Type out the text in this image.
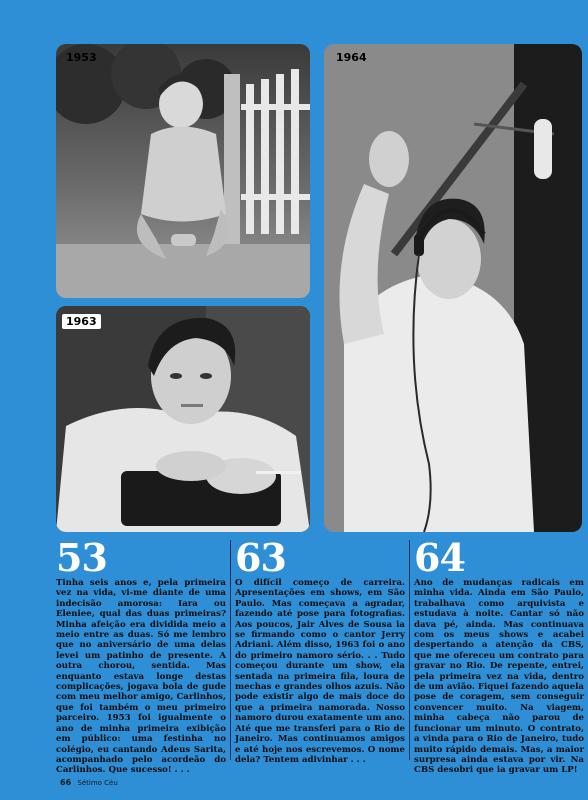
1953
1963
1964
53
Tinha seis anos e, pela primeira vez na vida, vi-me diante de uma indecisão amorosa: Iara ou Eleniee, qual das duas primeiras? Minha afeição era dividida meio a meio entre as duas. Só me lembro que no aniversário de uma delas levei um patinho de presente. A outra chorou, sentida. Mas enquanto estava longe destas complicações, jogava bola de gude com meu melhor amigo, Carlinhos, que foi também o meu primeiro parceiro. 1953 foi igualmente o ano de minha primeira exibição em público: uma festinha no colégio, eu cantando Adeus Sarita, acompanhado pelo acordeão do Carlinhos. Que sucesso! . . .
63
O difícil começo de carreira. Apresentações em shows, em São Paulo. Mas começava a agradar, fazendo até pose para fotografias. Aos poucos, Jair Alves de Sousa ia se firmando como o cantor Jerry Adriani. Além disso, 1963 foi o ano do primeiro namoro sério. . . Tudo começou durante um show, ela sentada na primeira fila, loura de mechas e grandes olhos azuis. Não pode existir algo de mais doce do que a primeira namorada. Nosso namoro durou exatamente um ano. Até que me transferi para o Rio de Janeiro. Mas continuamos amigos e até hoje nos escrevemos. O nome dela? Tentem adivinhar . . .
64
Ano de mudanças radicais em minha vida. Ainda em São Paulo, trabalhava como arquivista e estudava à noite. Cantar só não dava pé, ainda. Mas continuava com os meus shows e acabei despertando a atenção da CBS, que me ofereceu um contrato para gravar no Rio. De repente, entrei, pela primeira vez na vida, dentro de um avião. Fiquei fazendo aquela pose de coragem, sem conseguir convencer muito. Na viagem, minha cabeça não parou de funcionar um minuto. O contrato, a vinda para o Rio de Janeiro, tudo muito rápido demais. Mas, a maior surpresa ainda estava por vir. Na CBS desobri que ia gravar um LP!
66 Sétimo Céu
